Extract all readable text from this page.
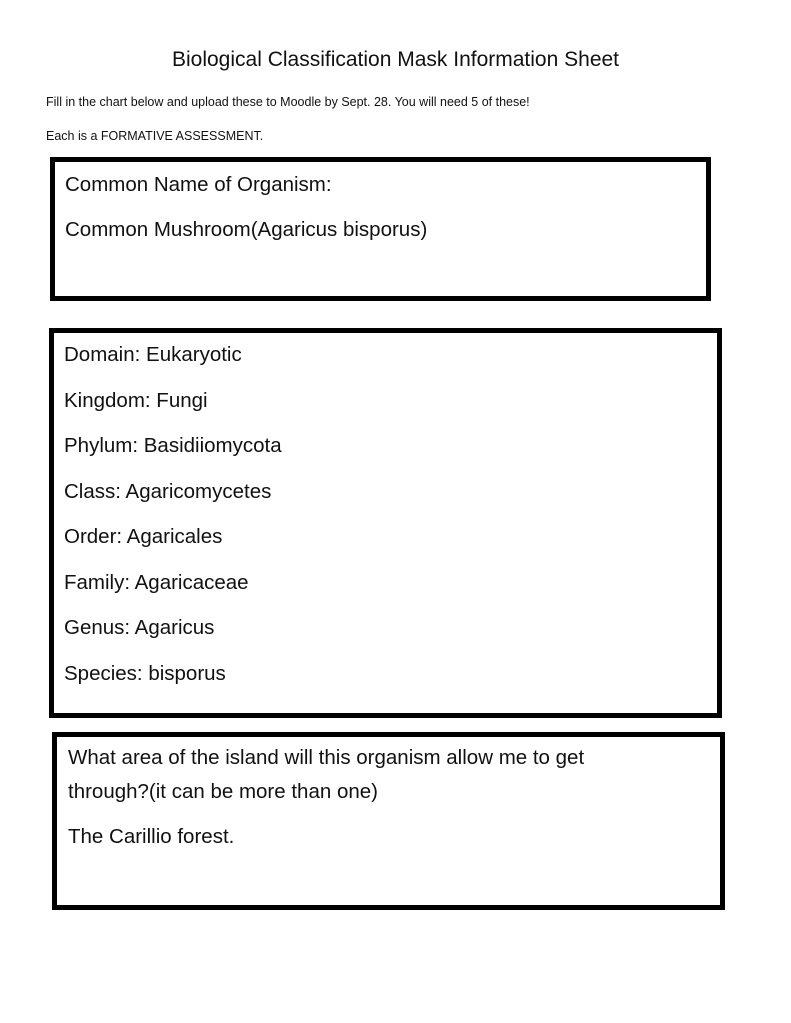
Biological Classification Mask Information Sheet
Fill in the chart below and upload these to Moodle by Sept. 28. You will need 5 of these!
Each is a FORMATIVE ASSESSMENT.
Common Name of Organism:
Common Mushroom(Agaricus bisporus)
Domain: Eukaryotic
Kingdom: Fungi
Phylum: Basidiiomycota
Class: Agaricomycetes
Order: Agaricales
Family: Agaricaceae
Genus: Agaricus
Species: bisporus
What area of the island will this organism allow me to get
through?(it can be more than one)
The Carillio forest.
